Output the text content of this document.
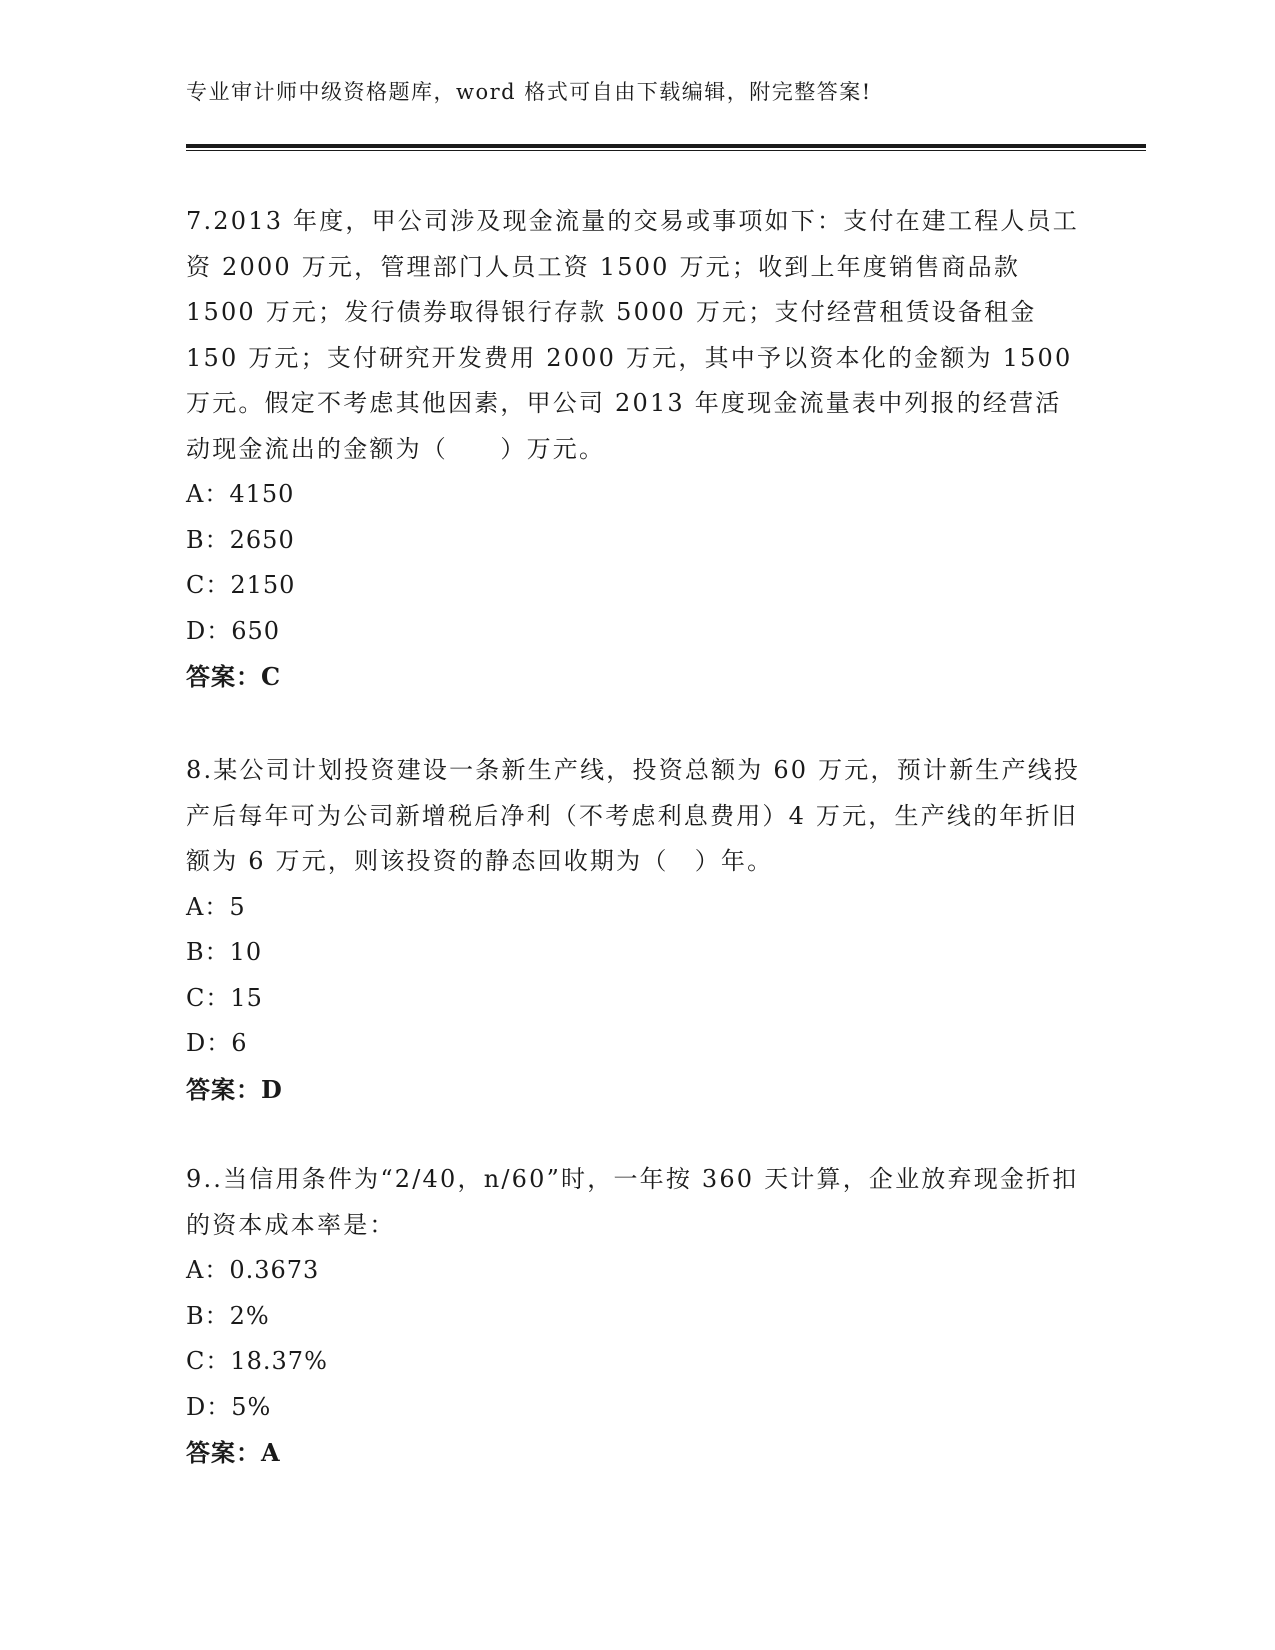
专业审计师中级资格题库，word 格式可自由下载编辑，附完整答案!

7.2013 年度，甲公司涉及现金流量的交易或事项如下：支付在建工程人员工资 2000 万元，管理部门人员工资 1500 万元；收到上年度销售商品款 1500 万元；发行债券取得银行存款 5000 万元；支付经营租赁设备租金 150 万元；支付研究开发费用 2000 万元，其中予以资本化的金额为 1500 万元。假定不考虑其他因素，甲公司 2013 年度现金流量表中列报的经营活动现金流出的金额为（　　）万元。

A：4150
B：2650
C：2150
D：650
答案：C

8.某公司计划投资建设一条新生产线，投资总额为 60 万元，预计新生产线投产后每年可为公司新增税后净利（不考虑利息费用）4 万元，生产线的年折旧额为 6 万元，则该投资的静态回收期为（　）年。

A：5
B：10
C：15
D：6
答案：D

9..当信用条件为“2/40，n/60”时，一年按 360 天计算，企业放弃现金折扣的资本成本率是：

A：0.3673
B：2%
C：18.37%
D：5%
答案：A
